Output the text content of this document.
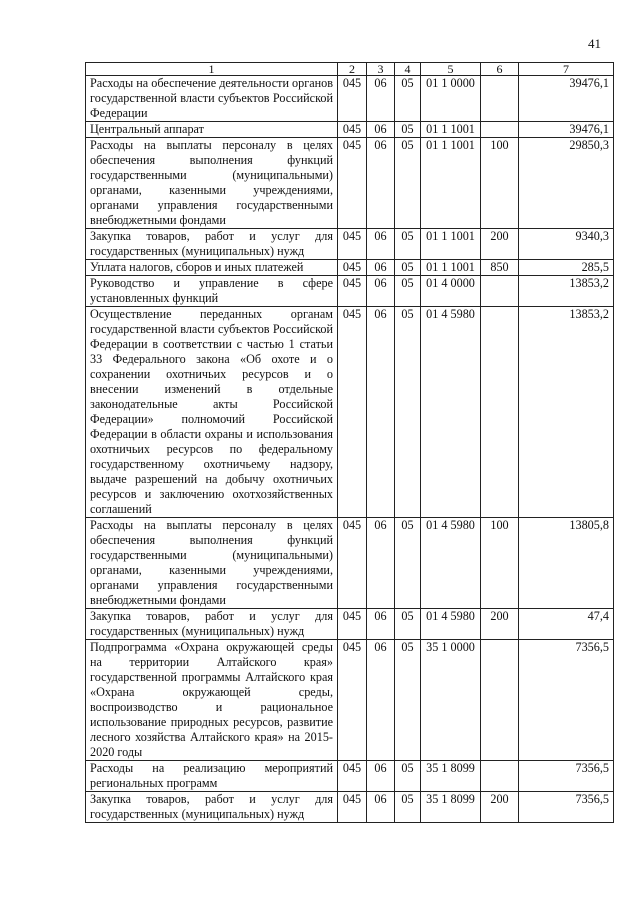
41
1	2	3	4	5	6	7
Расходы на обеспечение деятельности органов государственной власти субъектов Российской Федерации	045	06	05	01 1 0000		39476,1
Центральный аппарат	045	06	05	01 1 1001		39476,1
Расходы на выплаты персоналу в целях обеспечения выполнения функций государственными (муниципальными) органами, казенными учреждениями, органами управления государственными внебюджетными фондами	045	06	05	01 1 1001	100	29850,3
Закупка товаров, работ и услуг для государственных (муниципальных) нужд	045	06	05	01 1 1001	200	9340,3
Уплата налогов, сборов и иных платежей	045	06	05	01 1 1001	850	285,5
Руководство и управление в сфере установленных функций	045	06	05	01 4 0000		13853,2
Осуществление переданных органам государственной власти субъектов Российской Федерации в соответствии с частью 1 статьи 33 Федерального закона «Об охоте и о сохранении охотничьих ресурсов и о внесении изменений в отдельные законодательные акты Российской Федерации» полномочий Российской Федерации в области охраны и использования охотничьих ресурсов по федеральному государственному охотничьему надзору, выдаче разрешений на добычу охотничьих ресурсов и заключению охотхозяйственных соглашений	045	06	05	01 4 5980		13853,2
Расходы на выплаты персоналу в целях обеспечения выполнения функций государственными (муниципальными) органами, казенными учреждениями, органами управления государственными внебюджетными фондами	045	06	05	01 4 5980	100	13805,8
Закупка товаров, работ и услуг для государственных (муниципальных) нужд	045	06	05	01 4 5980	200	47,4
Подпрограмма «Охрана окружающей среды на территории Алтайского края» государственной программы Алтайского края «Охрана окружающей среды, воспроизводство и рациональное использование природных ресурсов, развитие лесного хозяйства Алтайского края» на 2015-2020 годы	045	06	05	35 1 0000		7356,5
Расходы на реализацию мероприятий региональных программ	045	06	05	35 1 8099		7356,5
Закупка товаров, работ и услуг для государственных (муниципальных) нужд	045	06	05	35 1 8099	200	7356,5
